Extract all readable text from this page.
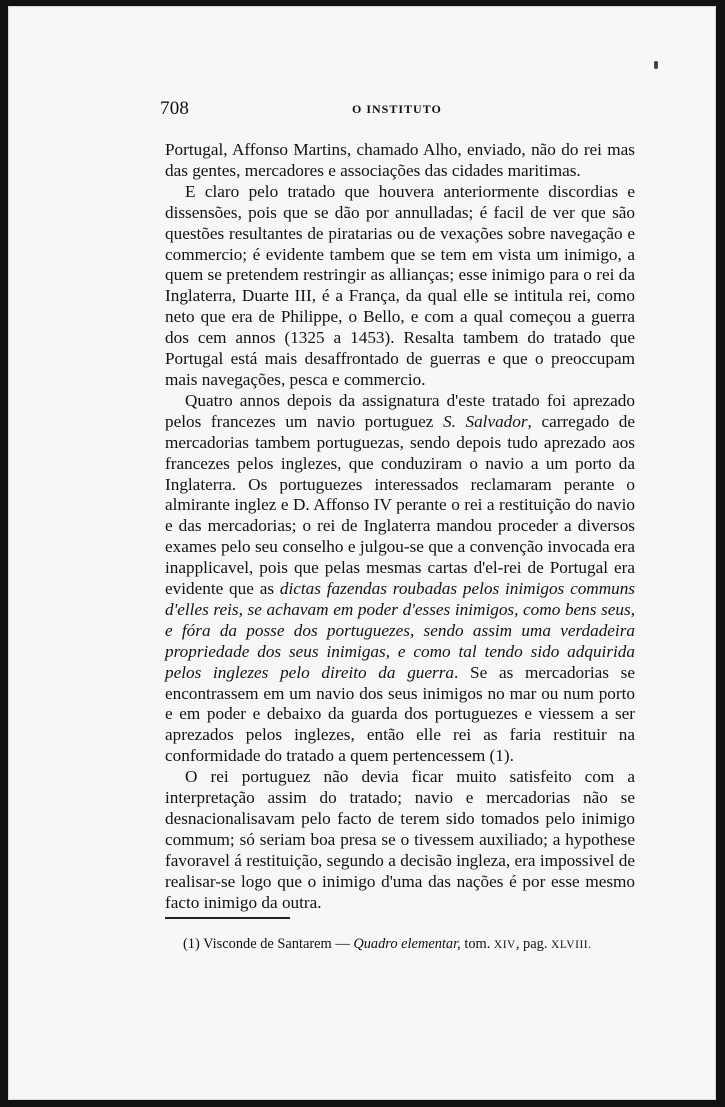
708	O INSTITUTO

Portugal, Affonso Martins, chamado Alho, enviado, não do rei mas das gentes, mercadores e associações das cidades maritimas.

E claro pelo tratado que houvera anteriormente discordias e dissensões, pois que se dão por annulladas; é facil de ver que são questões resultantes de piratarias ou de vexações sobre navegação e commercio; é evidente tambem que se tem em vista um inimigo, a quem se pretendem restringir as allianças; esse inimigo para o rei da Inglaterra, Duarte III, é a França, da qual elle se intitula rei, como neto que era de Philippe, o Bello, e com a qual começou a guerra dos cem annos (1325 a 1453). Resalta tambem do tratado que Portugal está mais desaffrontado de guerras e que o preoccupam mais navegações, pesca e commercio.

Quatro annos depois da assignatura d'este tratado foi aprezado pelos francezes um navio portuguez S. Salvador, carregado de mercadorias tambem portuguezas, sendo depois tudo aprezado aos francezes pelos inglezes, que conduziram o navio a um porto da Inglaterra. Os portuguezes interessados reclamaram perante o almirante inglez e D. Affonso IV perante o rei a restituição do navio e das mercadorias; o rei de Inglaterra mandou proceder a diversos exames pelo seu conselho e julgou-se que a convenção invocada era inapplicavel, pois que pelas mesmas cartas d'el-rei de Portugal era evidente que as dictas fazendas roubadas pelos inimigos communs d'elles reis, se achavam em poder d'esses inimigos, como bens seus, e fóra da posse dos portuguezes, sendo assim uma verdadeira propriedade dos seus inimigas, e como tal tendo sido adquirida pelos inglezes pelo direito da guerra. Se as mercadorias se encontrassem em um navio dos seus inimigos no mar ou num porto e em poder e debaixo da guarda dos portuguezes e viessem a ser aprezados pelos inglezes, então elle rei as faria restituir na conformidade do tratado a quem pertencessem (1).

O rei portuguez não devia ficar muito satisfeito com a interpretação assim do tratado; navio e mercadorias não se desnacionalisavam pelo facto de terem sido tomados pelo inimigo commum; só seriam boa presa se o tivessem auxiliado; a hypothese favoravel á restituição, segundo a decisão ingleza, era impossivel de realisar-se logo que o inimigo d'uma das nações é por esse mesmo facto inimigo da outra.

(1) Visconde de Santarem — Quadro elementar, tom. XIV, pag. XLVIII.
